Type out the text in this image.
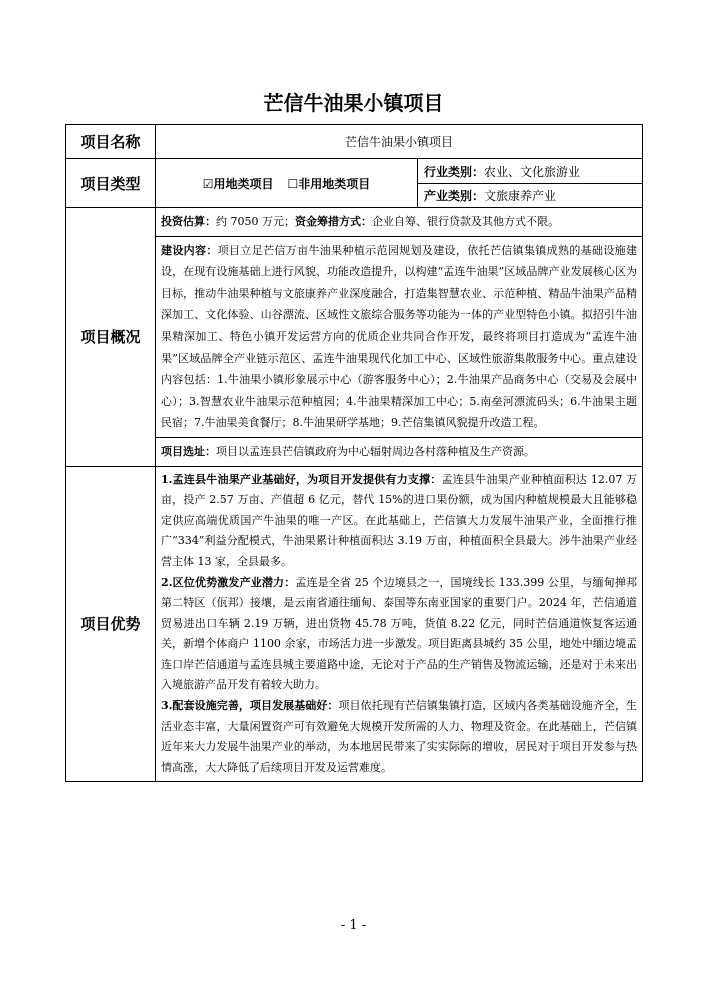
芒信牛油果小镇项目
项目名称	芒信牛油果小镇项目	
项目类型	☑用地类项目 ☐非用地类项目	行业类别：农业、文化旅游业
		产业类别：文旅康养产业
项目概况	投资估算：约 7050 万元；资金筹措方式：企业自筹、银行贷款及其他方式不限。	
	建设内容：项目立足芒信万亩牛油果种植示范园规划及建设，依托芒信镇集镇成熟的基础设施建设，在现有设施基础上进行风貌、功能改造提升，以构建“孟连牛油果”区域品牌产业发展核心区为目标，推动牛油果种植与文旅康养产业深度融合，打造集智慧农业、示范种植、精品牛油果产品精深加工、文化体验、山谷漂流、区域性文旅综合服务等功能为一体的产业型特色小镇。拟招引牛油果精深加工、特色小镇开发运营方向的优质企业共同合作开发，最终将项目打造成为“孟连牛油果”区域品牌全产业链示范区、孟连牛油果现代化加工中心、区域性旅游集散服务中心。重点建设内容包括：1.牛油果小镇形象展示中心（游客服务中心）；2.牛油果产品商务中心（交易及会展中心）；3.智慧农业牛油果示范种植园；4.牛油果精深加工中心；5.南垒河漂流码头；6.牛油果主题民宿；7.牛油果美食餐厅；8.牛油果研学基地；9.芒信集镇风貌提升改造工程。	
	项目选址：项目以孟连县芒信镇政府为中心辐射周边各村落种植及生产资源。	
项目优势	1.孟连县牛油果产业基础好，为项目开发提供有力支撑：孟连县牛油果产业种植面积达 12.07 万亩，投产 2.57 万亩、产值超 6 亿元，替代 15%的进口果份额，成为国内种植规模最大且能够稳定供应高端优质国产牛油果的唯一产区。在此基础上，芒信镇大力发展牛油果产业，全面推行推广“334”利益分配模式，牛油果累计种植面积达 3.19 万亩，种植面积全县最大。涉牛油果产业经营主体 13 家，全县最多。
2.区位优势激发产业潜力：孟连是全省 25 个边境县之一，国境线长 133.399 公里，与缅甸掸邦第二特区（佤邦）接壤，是云南省通往缅甸、泰国等东南亚国家的重要门户。2024 年，芒信通道贸易进出口车辆 2.19 万辆，进出货物 45.78 万吨，货值 8.22 亿元，同时芒信通道恢复客运通关，新增个体商户 1100 余家，市场活力进一步激发。项目距离县城约 35 公里，地处中缅边境孟连口岸芒信通道与孟连县城主要道路中途，无论对于产品的生产销售及物流运输，还是对于未来出入境旅游产品开发有着较大助力。
3.配套设施完善，项目发展基础好：项目依托现有芒信镇集镇打造，区域内各类基础设施齐全，生活业态丰富，大量闲置资产可有效避免大规模开发所需的人力、物理及资金。在此基础上，芒信镇近年来大力发展牛油果产业的举动，为本地居民带来了实实际际的增收，居民对于项目开发参与热情高涨，大大降低了后续项目开发及运营难度。	
- 1 -
